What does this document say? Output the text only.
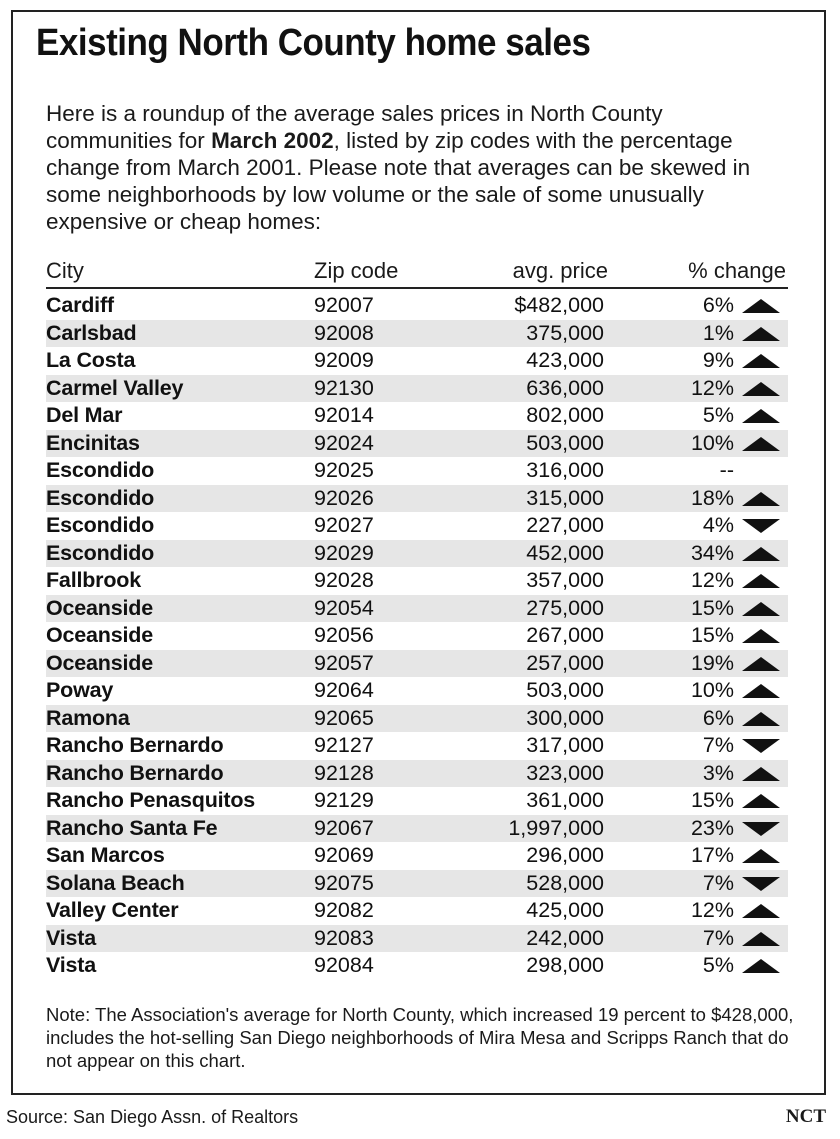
Existing North County home sales

Here is a roundup of the average sales prices in North County communities for March 2002, listed by zip codes with the percentage change from March 2001. Please note that averages can be skewed in some neighborhoods by low volume or the sale of some unusually expensive or cheap homes:

City	Zip code	avg. price	% change
Cardiff	92007	$482,000	6%
Carlsbad	92008	375,000	1%
La Costa	92009	423,000	9%
Carmel Valley	92130	636,000	12%
Del Mar	92014	802,000	5%
Encinitas	92024	503,000	10%
Escondido	92025	316,000	--
Escondido	92026	315,000	18%
Escondido	92027	227,000	4%
Escondido	92029	452,000	34%
Fallbrook	92028	357,000	12%
Oceanside	92054	275,000	15%
Oceanside	92056	267,000	15%
Oceanside	92057	257,000	19%
Poway	92064	503,000	10%
Ramona	92065	300,000	6%
Rancho Bernardo	92127	317,000	7%
Rancho Bernardo	92128	323,000	3%
Rancho Penasquitos	92129	361,000	15%
Rancho Santa Fe	92067	1,997,000	23%
San Marcos	92069	296,000	17%
Solana Beach	92075	528,000	7%
Valley Center	92082	425,000	12%
Vista	92083	242,000	7%
Vista	92084	298,000	5%

Note: The Association's average for North County, which increased 19 percent to $428,000, includes the hot-selling San Diego neighborhoods of Mira Mesa and Scripps Ranch that do not appear on this chart.

Source: San Diego Assn. of Realtors	NCT
